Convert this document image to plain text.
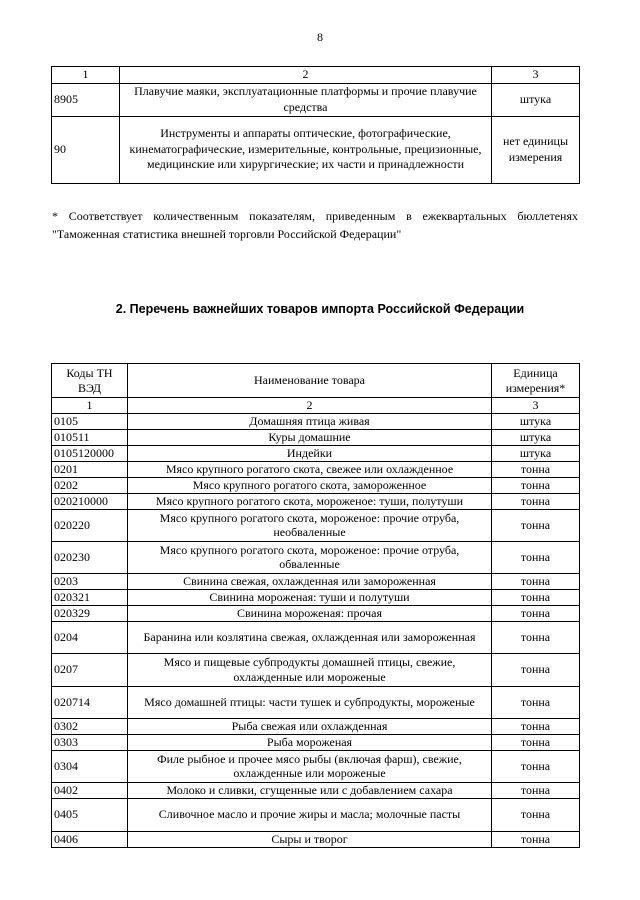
8
1	2	3
8905	Плавучие маяки, эксплуатационные платформы и прочие плавучие средства	штука
90	Инструменты и аппараты оптические, фотографические, кинематографические, измерительные, контрольные, прецизионные, медицинские или хирургические; их части и принадлежности	нет единицы измерения
* Соответствует количественным показателям, приведенным в ежеквартальных бюллетенях "Таможенная статистика внешней торговли Российской Федерации"
2. Перечень важнейших товаров импорта Российской Федерации
Коды ТН ВЭД	Наименование товара	Единица измерения*
1	2	3
0105	Домашняя птица живая	штука
010511	Куры домашние	штука
0105120000	Индейки	штука
0201	Мясо крупного рогатого скота, свежее или охлажденное	тонна
0202	Мясо крупного рогатого скота, замороженное	тонна
020210000	Мясо крупного рогатого скота, мороженое: туши, полутуши	тонна
020220	Мясо крупного рогатого скота, мороженое: прочие отруба, необваленные	тонна
020230	Мясо крупного рогатого скота, мороженое: прочие отруба, обваленные	тонна
0203	Свинина свежая, охлажденная или замороженная	тонна
020321	Свинина мороженая: туши и полутуши	тонна
020329	Свинина мороженая: прочая	тонна
0204	Баранина или козлятина свежая, охлажденная или замороженная	тонна
0207	Мясо и пищевые субпродукты домашней птицы, свежие, охлажденные или мороженые	тонна
020714	Мясо домашней птицы: части тушек и субпродукты, мороженые	тонна
0302	Рыба свежая или охлажденная	тонна
0303	Рыба мороженая	тонна
0304	Филе рыбное и прочее мясо рыбы (включая фарш), свежие, охлажденные или мороженые	тонна
0402	Молоко и сливки, сгущенные или с добавлением сахара	тонна
0405	Сливочное масло и прочие жиры и масла; молочные пасты	тонна
0406	Сыры и творог	тонна
